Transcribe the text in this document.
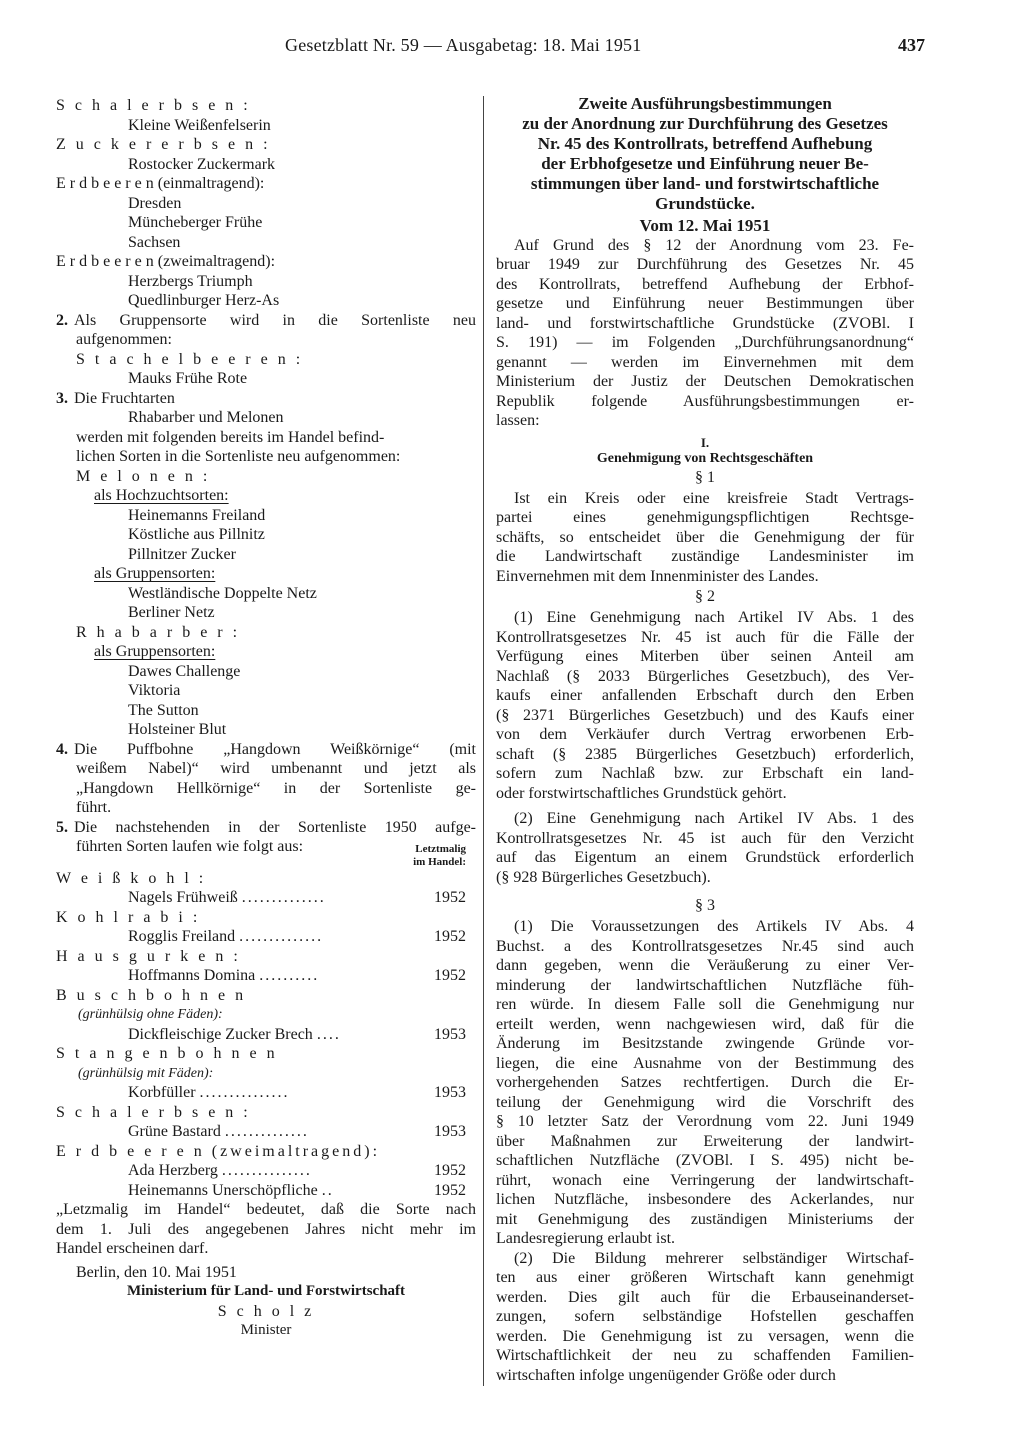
Gesetzblatt Nr. 59 — Ausgabetag: 18. Mai 1951	437
S c h a l e r b s e n :
Kleine Weißenfelserin
Z u c k e r e r b s e n :
Rostocker Zuckermark
E r d b e e r e n (einmaltragend):
Dresden
Müncheberger Frühe
Sachsen
E r d b e e r e n (zweimaltragend):
Herzbergs Triumph
Quedlinburger Herz-As
2. Als Gruppensorte wird in die Sortenliste neu
aufgenommen:
S t a c h e l b e e r e n :
Mauks Frühe Rote
3. Die Fruchtarten
Rhabarber und Melonen
werden mit folgenden bereits im Handel befind-
lichen Sorten in die Sortenliste neu aufgenommen:
M e l o n e n :
als Hochzuchtsorten:
Heinemanns Freiland
Köstliche aus Pillnitz
Pillnitzer Zucker
als Gruppensorten:
Westländische Doppelte Netz
Berliner Netz
R h a b a r b e r :
als Gruppensorten:
Dawes Challenge
Viktoria
The Sutton
Holsteiner Blut
4. Die Puffbohne „Hangdown Weißkörnige“ (mit
weißem Nabel)“ wird umbenannt und jetzt als
„Hangdown Hellkörnige“ in der Sortenliste ge-
führt.
5. Die nachstehenden in der Sortenliste 1950 aufge-
führten Sorten laufen wie folgt aus:	Letztmalig
im Handel:
W e i ß k o h l :
Nagels Frühweiß ..............	1952
K o h l r a b i :
Rogglis Freiland ..............	1952
H a u s g u r k e n :
Hoffmanns Domina ..........	1952
B u s c h b o h n e n
(grünhülsig ohne Fäden):
Dickfleischige Zucker Brech ....	1953
S t a n g e n b o h n e n
(grünhülsig mit Fäden):
Korbfüller ...............	1953
S c h a l e r b s e n :
Grüne Bastard ..............	1953
E r d b e e r e n (zweimaltragend):
Ada Herzberg ...............	1952
Heinemanns Unerschöpfliche ..	1952
„Letzmalig im Handel“ bedeutet, daß die Sorte nach
dem 1. Juli des angegebenen Jahres nicht mehr im
Handel erscheinen darf.
Berlin, den 10. Mai 1951
Ministerium für Land- und Forstwirtschaft
S c h o l z
Minister
Zweite Ausführungsbestimmungen
zu der Anordnung zur Durchführung des Gesetzes
Nr. 45 des Kontrollrats, betreffend Aufhebung
der Erbhofgesetze und Einführung neuer Be-
stimmungen über land- und forstwirtschaftliche
Grundstücke.
Vom 12. Mai 1951
Auf Grund des § 12 der Anordnung vom 23. Fe-
bruar 1949 zur Durchführung des Gesetzes Nr. 45
des Kontrollrats, betreffend Aufhebung der Erbhof-
gesetze und Einführung neuer Bestimmungen über
land- und forstwirtschaftliche Grundstücke (ZVOBl. I
S. 191) — im Folgenden „Durchführungsanordnung“
genannt — werden im Einvernehmen mit dem
Ministerium der Justiz der Deutschen Demokratischen
Republik folgende Ausführungsbestimmungen er-
lassen:
I.
Genehmigung von Rechtsgeschäften
§ 1
Ist ein Kreis oder eine kreisfreie Stadt Vertrags-
partei eines genehmigungspflichtigen Rechtsge-
schäfts, so entscheidet über die Genehmigung der für
die Landwirtschaft zuständige Landesminister im
Einvernehmen mit dem Innenminister des Landes.
§ 2
(1) Eine Genehmigung nach Artikel IV Abs. 1 des
Kontrollratsgesetzes Nr. 45 ist auch für die Fälle der
Verfügung eines Miterben über seinen Anteil am
Nachlaß (§ 2033 Bürgerliches Gesetzbuch), des Ver-
kaufs einer anfallenden Erbschaft durch den Erben
(§ 2371 Bürgerliches Gesetzbuch) und des Kaufs einer
von dem Verkäufer durch Vertrag erworbenen Erb-
schaft (§ 2385 Bürgerliches Gesetzbuch) erforderlich,
sofern zum Nachlaß bzw. zur Erbschaft ein land-
oder forstwirtschaftliches Grundstück gehört.
(2) Eine Genehmigung nach Artikel IV Abs. 1 des
Kontrollratsgesetzes Nr. 45 ist auch für den Verzicht
auf das Eigentum an einem Grundstück erforderlich
(§ 928 Bürgerliches Gesetzbuch).
§ 3
(1) Die Voraussetzungen des Artikels IV Abs. 4
Buchst. a des Kontrollratsgesetzes Nr.45 sind auch
dann gegeben, wenn die Veräußerung zu einer Ver-
minderung der landwirtschaftlichen Nutzfläche füh-
ren würde. In diesem Falle soll die Genehmigung nur
erteilt werden, wenn nachgewiesen wird, daß für die
Änderung im Besitzstande zwingende Gründe vor-
liegen, die eine Ausnahme von der Bestimmung des
vorhergehenden Satzes rechtfertigen. Durch die Er-
teilung der Genehmigung wird die Vorschrift des
§ 10 letzter Satz der Verordnung vom 22. Juni 1949
über Maßnahmen zur Erweiterung der landwirt-
schaftlichen Nutzfläche (ZVOBl. I S. 495) nicht be-
rührt, wonach eine Verringerung der landwirtschaft-
lichen Nutzfläche, insbesondere des Ackerlandes, nur
mit Genehmigung des zuständigen Ministeriums der
Landesregierung erlaubt ist.
(2) Die Bildung mehrerer selbständiger Wirtschaf-
ten aus einer größeren Wirtschaft kann genehmigt
werden. Dies gilt auch für die Erbauseinanderset-
zungen, sofern selbständige Hofstellen geschaffen
werden. Die Genehmigung ist zu versagen, wenn die
Wirtschaftlichkeit der neu zu schaffenden Familien-
wirtschaften infolge ungenügender Größe oder durch
